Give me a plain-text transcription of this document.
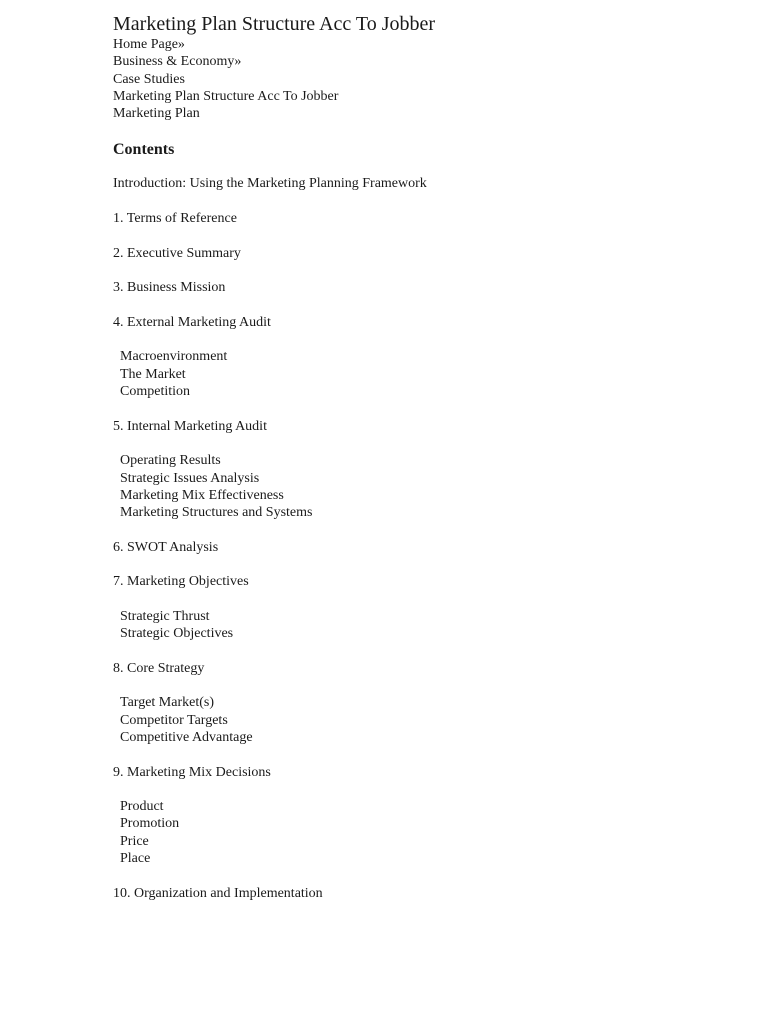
Marketing Plan Structure Acc To Jobber
Home Page»
Business & Economy»
Case Studies
Marketing Plan Structure Acc To Jobber
Marketing Plan
Contents
Introduction: Using the Marketing Planning Framework
1. Terms of Reference
2. Executive Summary
3. Business Mission
4. External Marketing Audit
Macroenvironment
The Market
Competition
5. Internal Marketing Audit
Operating Results
Strategic Issues Analysis
Marketing Mix Effectiveness
Marketing Structures and Systems
6. SWOT Analysis
7. Marketing Objectives
Strategic Thrust
Strategic Objectives
8. Core Strategy
Target Market(s)
Competitor Targets
Competitive Advantage
9. Marketing Mix Decisions
Product
Promotion
Price
Place
10. Organization and Implementation
